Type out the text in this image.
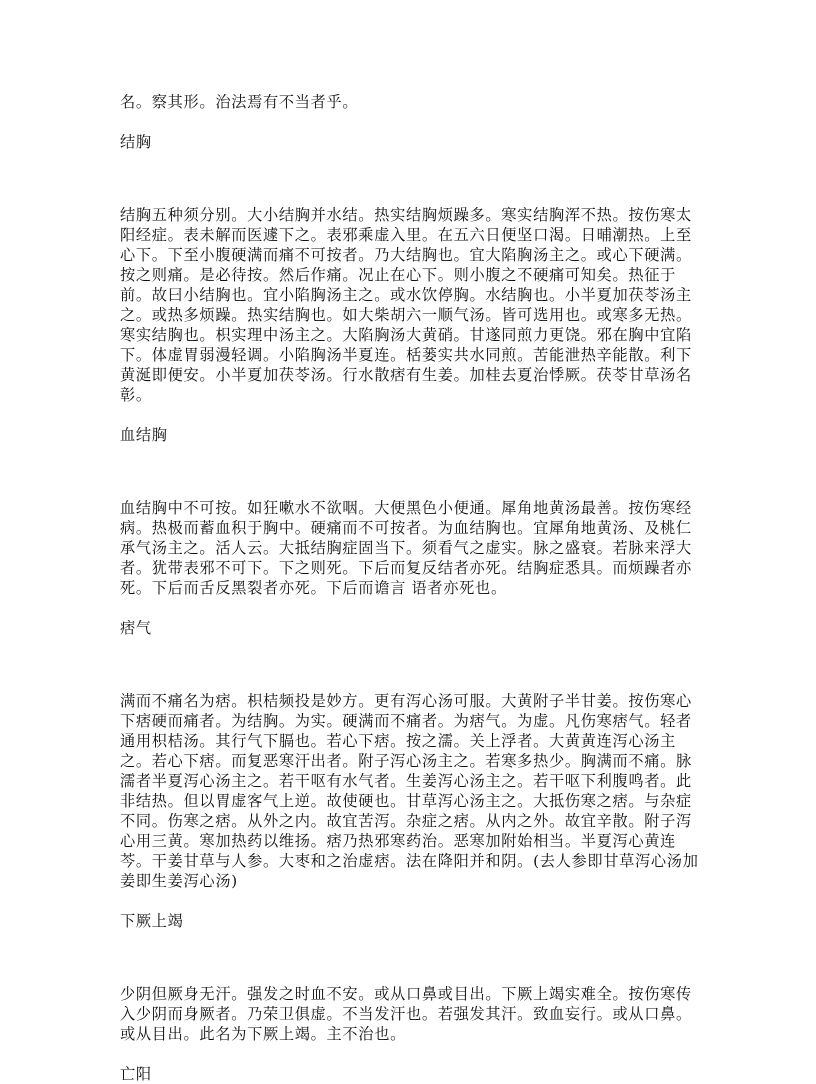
名。察其形。治法焉有不当者乎。

结胸

结胸五种须分别。大小结胸并水结。热实结胸烦躁多。寒实结胸浑不热。按伤寒太阳经症。表未解而医遽下之。表邪乘虚入里。在五六日便坚口渴。日晡潮热。上至心下。下至小腹硬满而痛不可按者。乃大结胸也。宜大陷胸汤主之。或心下硬满。按之则痛。是必待按。然后作痛。况止在心下。则小腹之不硬痛可知矣。热征于前。故曰小结胸也。宜小陷胸汤主之。或水饮停胸。水结胸也。小半夏加茯苓汤主之。或热多烦躁。热实结胸也。如大柴胡六一顺气汤。皆可选用也。或寒多无热。寒实结胸也。枳实理中汤主之。大陷胸汤大黄硝。甘遂同煎力更饶。邪在胸中宜陷下。体虚胃弱漫轻调。小陷胸汤半夏连。栝蒌实共水同煎。苦能泄热辛能散。利下黄涎即便安。小半夏加茯苓汤。行水散痞有生姜。加桂去夏治悸厥。茯苓甘草汤名彰。

血结胸

血结胸中不可按。如狂嗽水不欲咽。大便黑色小便通。犀角地黄汤最善。按伤寒经病。热极而蓄血积于胸中。硬痛而不可按者。为血结胸也。宜犀角地黄汤、及桃仁承气汤主之。活人云。大抵结胸症固当下。须看气之虚实。脉之盛衰。若脉来浮大者。犹带表邪不可下。下之则死。下后而复反结者亦死。结胸症悉具。而烦躁者亦死。下后而舌反黑裂者亦死。下后而谵言 语者亦死也。

痞气

满而不痛名为痞。枳桔频投是妙方。更有泻心汤可服。大黄附子半甘姜。按伤寒心下痞硬而痛者。为结胸。为实。硬满而不痛者。为痞气。为虚。凡伤寒痞气。轻者通用枳桔汤。其行气下膈也。若心下痞。按之濡。关上浮者。大黄黄连泻心汤主之。若心下痞。而复恶寒汗出者。附子泻心汤主之。若寒多热少。胸满而不痛。脉濡者半夏泻心汤主之。若干呕有水气者。生姜泻心汤主之。若干呕下利腹鸣者。此非结热。但以胃虚客气上逆。故使硬也。甘草泻心汤主之。大抵伤寒之痞。与杂症不同。伤寒之痞。从外之内。故宜苦泻。杂症之痞。从内之外。故宜辛散。附子泻心用三黄。寒加热药以维扬。痞乃热邪寒药治。恶寒加附始相当。半夏泻心黄连芩。干姜甘草与人参。大枣和之治虚痞。法在降阳并和阴。(去人参即甘草泻心汤加姜即生姜泻心汤)

下厥上竭

少阴但厥身无汗。强发之时血不安。或从口鼻或目出。下厥上竭实难全。按伤寒传入少阴而身厥者。乃荣卫俱虚。不当发汗也。若强发其汗。致血妄行。或从口鼻。或从目出。此名为下厥上竭。主不治也。

亡阳
